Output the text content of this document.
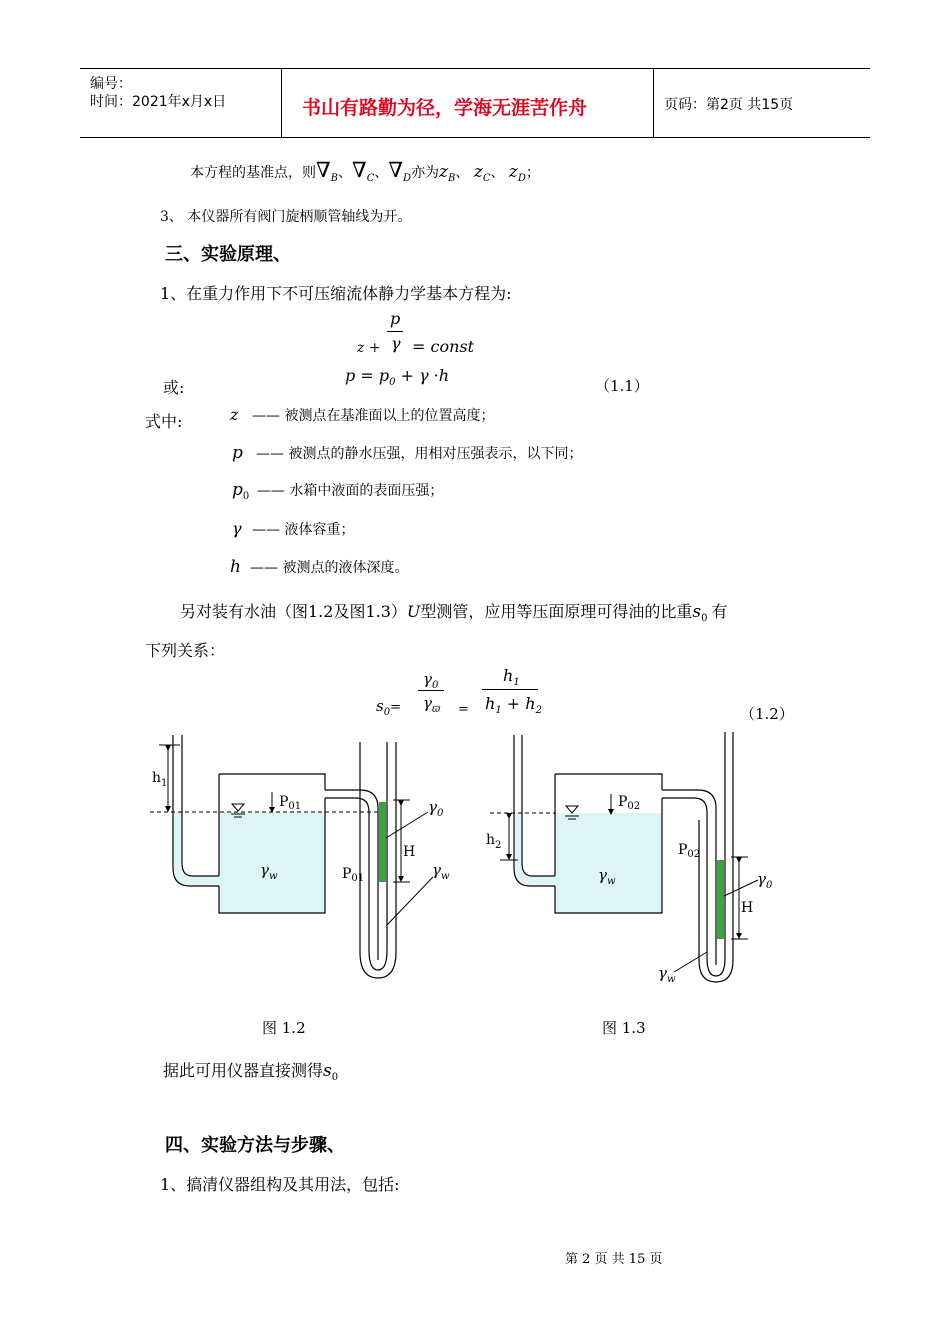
编号：
时间：2021年x月x日	书山有路勤为径，学海无涯苦作舟	页码：第2页 共15页
本方程的基准点，则$\nabla_B$、$\nabla_C$、$\nabla_D$亦为$z_B$、 $z_C$、 $z_D$；
3、 本仪器所有阀门旋柄顺管轴线为开。
三、实验原理、
1、在重力作用下不可压缩流体静力学基本方程为:
p
z + γ = const
或:
$p = p_0 + \gamma \cdot h$
（1.1）
式中:	z —— 被测点在基准面以上的位置高度；
p —— 被测点的静水压强，用相对压强表示，以下同；
$p_0$ —— 水箱中液面的表面压强；
γ —— 液体容重；
h —— 被测点的液体深度。
另对装有水油（图1.2及图1.3）U型测管，应用等压面原理可得油的比重$s_0$ 有
下列关系：
$s_0=$
$\gamma_0$
$\gamma_ϖ$ =
$h_1$
$h_1 + h_2$	（1.2）
$h_1$
$P_{01}$
$\gamma_w$	$P_{01}$
H
$\gamma_0$
$\gamma_w$
$h_2$
$P_{02}$
$\gamma_w$
$P_{02}$
H
$\gamma_0$
$\gamma_w$
图 1.2	图 1.3
据此可用仪器直接测得$s_0$
四、实验方法与步骤、
1、搞清仪器组构及其用法，包括:
第 2 页 共 15 页
